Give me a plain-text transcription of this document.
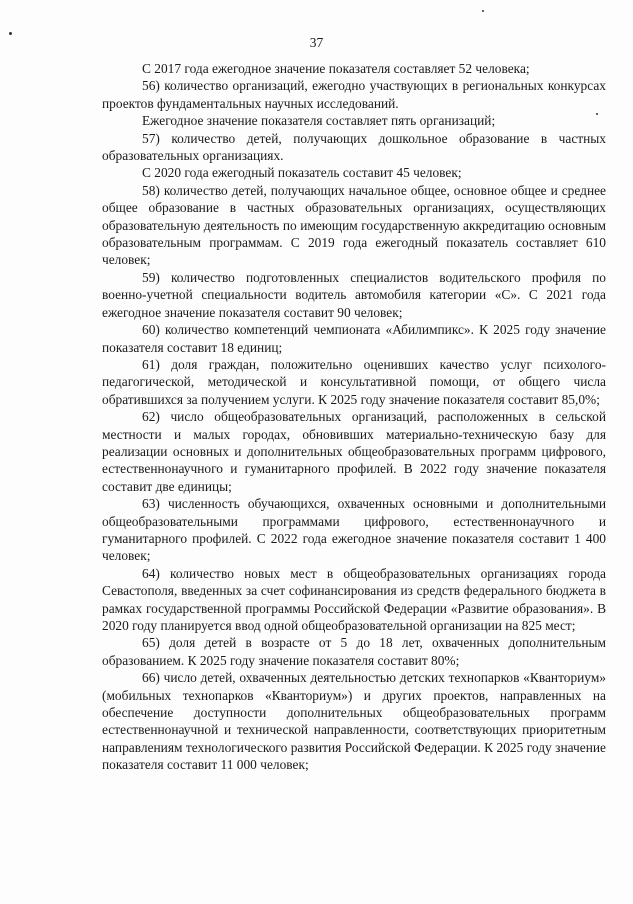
37

С 2017 года ежегодное значение показателя составляет 52 человека;

56) количество организаций, ежегодно участвующих в региональных конкурсах проектов фундаментальных научных исследований.

Ежегодное значение показателя составляет пять организаций;

57) количество детей, получающих дошкольное образование в частных образовательных организациях.

С 2020 года ежегодный показатель составит 45 человек;

58) количество детей, получающих начальное общее, основное общее и среднее общее образование в частных образовательных организациях, осуществляющих образовательную деятельность по имеющим государственную аккредитацию основным образовательным программам. С 2019 года ежегодный показатель составляет 610 человек;

59) количество подготовленных специалистов водительского профиля по военно-учетной специальности водитель автомобиля категории «С». С 2021 года ежегодное значение показателя составит 90 человек;

60) количество компетенций чемпионата «Абилимпикс». К 2025 году значение показателя составит 18 единиц;

61) доля граждан, положительно оценивших качество услуг психолого-педагогической, методической и консультативной помощи, от общего числа обратившихся за получением услуги. К 2025 году значение показателя составит 85,0%;

62) число общеобразовательных организаций, расположенных в сельской местности и малых городах, обновивших материально-техническую базу для реализации основных и дополнительных общеобразовательных программ цифрового, естественнонаучного и гуманитарного профилей. В 2022 году значение показателя составит две единицы;

63) численность обучающихся, охваченных основными и дополнительными общеобразовательными программами цифрового, естественнонаучного и гуманитарного профилей. С 2022 года ежегодное значение показателя составит 1 400 человек;

64) количество новых мест в общеобразовательных организациях города Севастополя, введенных за счет софинансирования из средств федерального бюджета в рамках государственной программы Российской Федерации «Развитие образования». В 2020 году планируется ввод одной общеобразовательной организации на 825 мест;

65) доля детей в возрасте от 5 до 18 лет, охваченных дополнительным образованием. К 2025 году значение показателя составит 80%;

66) число детей, охваченных деятельностью детских технопарков «Кванториум» (мобильных технопарков «Кванториум») и других проектов, направленных на обеспечение доступности дополнительных общеобразовательных программ естественнонаучной и технической направленности, соответствующих приоритетным направлениям технологического развития Российской Федерации. К 2025 году значение показателя составит 11 000 человек;
